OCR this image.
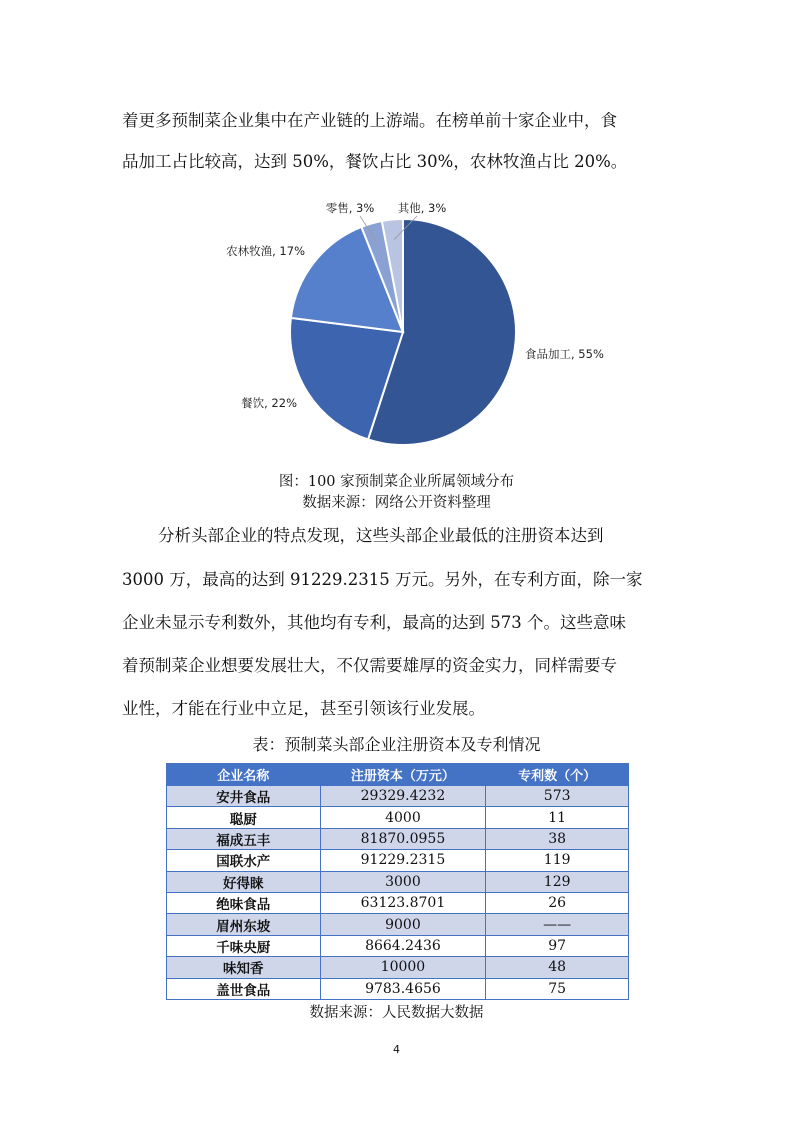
着更多预制菜企业集中在产业链的上游端。在榜单前十家企业中，食
品加工占比较高，达到 50%，餐饮占比 30%，农林牧渔占比 20%。
食品加工, 55%
餐饮, 22%
农林牧渔, 17%
零售, 3% 其他, 3%
图：100 家预制菜企业所属领域分布
数据来源：网络公开资料整理
分析头部企业的特点发现，这些头部企业最低的注册资本达到
3000 万，最高的达到 91229.2315 万元。另外，在专利方面，除一家
企业未显示专利数外，其他均有专利，最高的达到 573 个。这些意味
着预制菜企业想要发展壮大，不仅需要雄厚的资金实力，同样需要专
业性，才能在行业中立足，甚至引领该行业发展。
表：预制菜头部企业注册资本及专利情况
企业名称	注册资本（万元）	专利数（个）
安井食品	29329.4232	573
聪厨	4000	11
福成五丰	81870.0955	38
国联水产	91229.2315	119
好得睐	3000	129
绝味食品	63123.8701	26
眉州东坡	9000	——
千味央厨	8664.2436	97
味知香	10000	48
盖世食品	9783.4656	75
数据来源：人民数据大数据
4
